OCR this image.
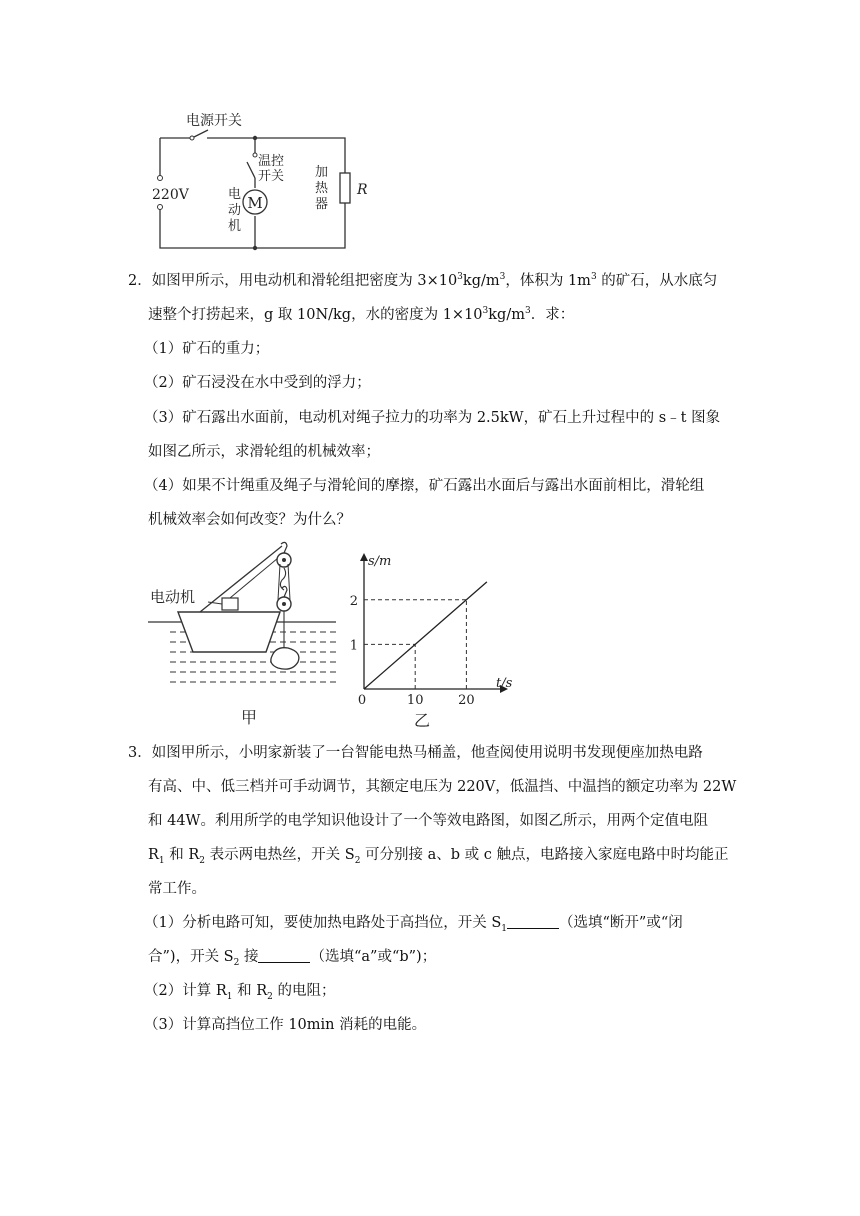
M
R
电源开关
220V
温控
开关
电
动
机
加
热
器
2．如图甲所示，用电动机和滑轮组把密度为 $3\times 10^3kg/m^3$，体积为 $1m^3$ 的矿石，从水底匀
速整个打捞起来，g 取 10N/kg，水的密度为 $1\times 10^3kg/m^3$．求：
（1）矿石的重力；
（2）矿石浸没在水中受到的浮力；
（3）矿石露出水面前，电动机对绳子拉力的功率为 2.5kW，矿石上升过程中的 s﹣t 图象
如图乙所示，求滑轮组的机械效率；
（4）如果不计绳重及绳子与滑轮间的摩擦，矿石露出水面后与露出水面前相比，滑轮组
机械效率会如何改变？为什么？
电动机
甲
10	20
1
2
0
t/s
s/m
乙
3．如图甲所示，小明家新装了一台智能电热马桶盖，他查阅使用说明书发现便座加热电路
有高、中、低三档并可手动调节，其额定电压为 220V，低温挡、中温挡的额定功率为 22W
和 44W。利用所学的电学知识他设计了一个等效电路图，如图乙所示，用两个定值电阻
$R_1$ 和 $R_2$ 表示两电热丝，开关 $S_2$ 可分别接 a、b 或 c 触点，电路接入家庭电路中时均能正
常工作。
（1）分析电路可知，要使加热电路处于高挡位，开关 $S_1$	（选填“断开”或“闭
合”)，开关 $S_2$ 接	（选填“a”或“b”)；
（2）计算 $R_1$ 和 $R_2$ 的电阻；
（3）计算高挡位工作 10min 消耗的电能。
